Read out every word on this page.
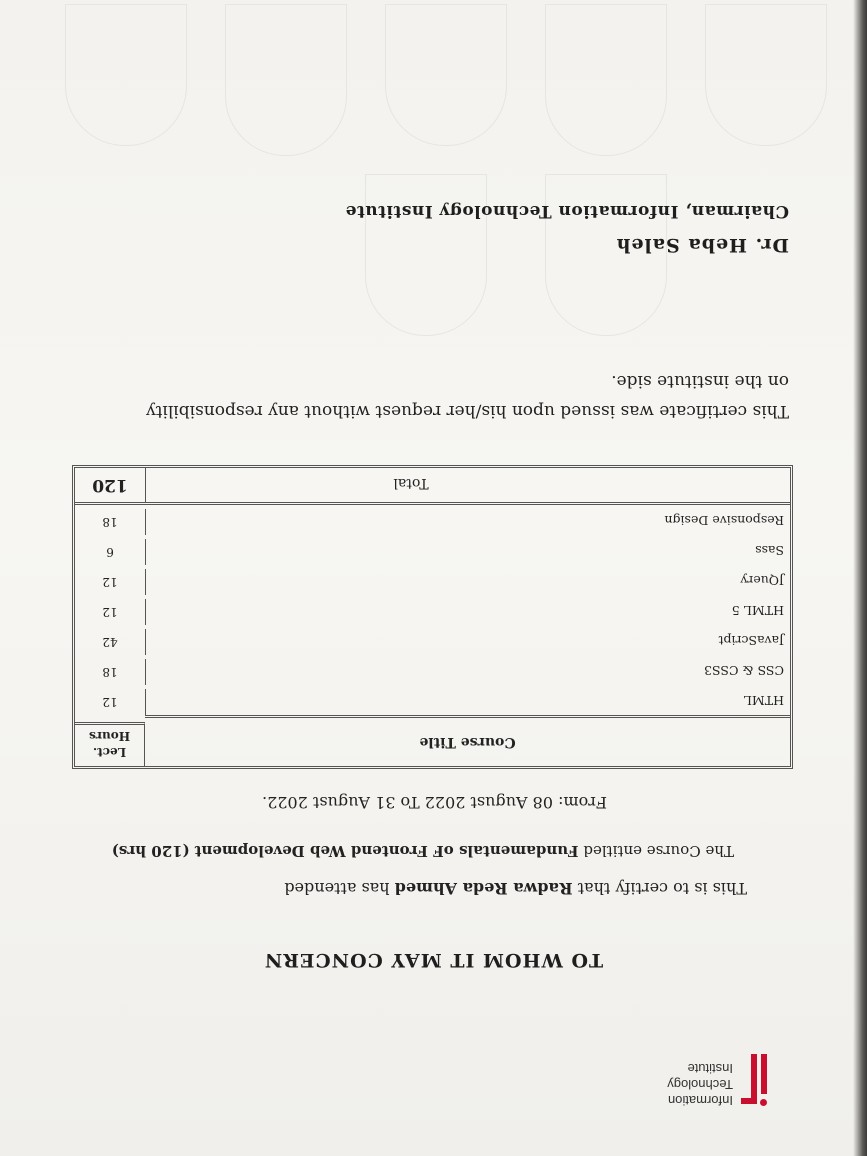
Information
Technology
Institute
TO WHOM IT MAY CONCERN
This is to certify that Radwa Reda Ahmed has attended
The Course entitled Fundamentals oF Frontend Web Development (120 hrs)
From: 08 August 2022 To 31 August 2022.
Course Title
Lect.
Hours
HTML
12
CSS & CSS3
18
JavaScript
42
HTML 5
12
JQuery
12
Sass
6
Responsive Design
18
Total
120
This certificate was issued upon his/her request without any responsibility
on the institute side.
Dr. Heba Saleh
Chairman, Information Technology Institute
